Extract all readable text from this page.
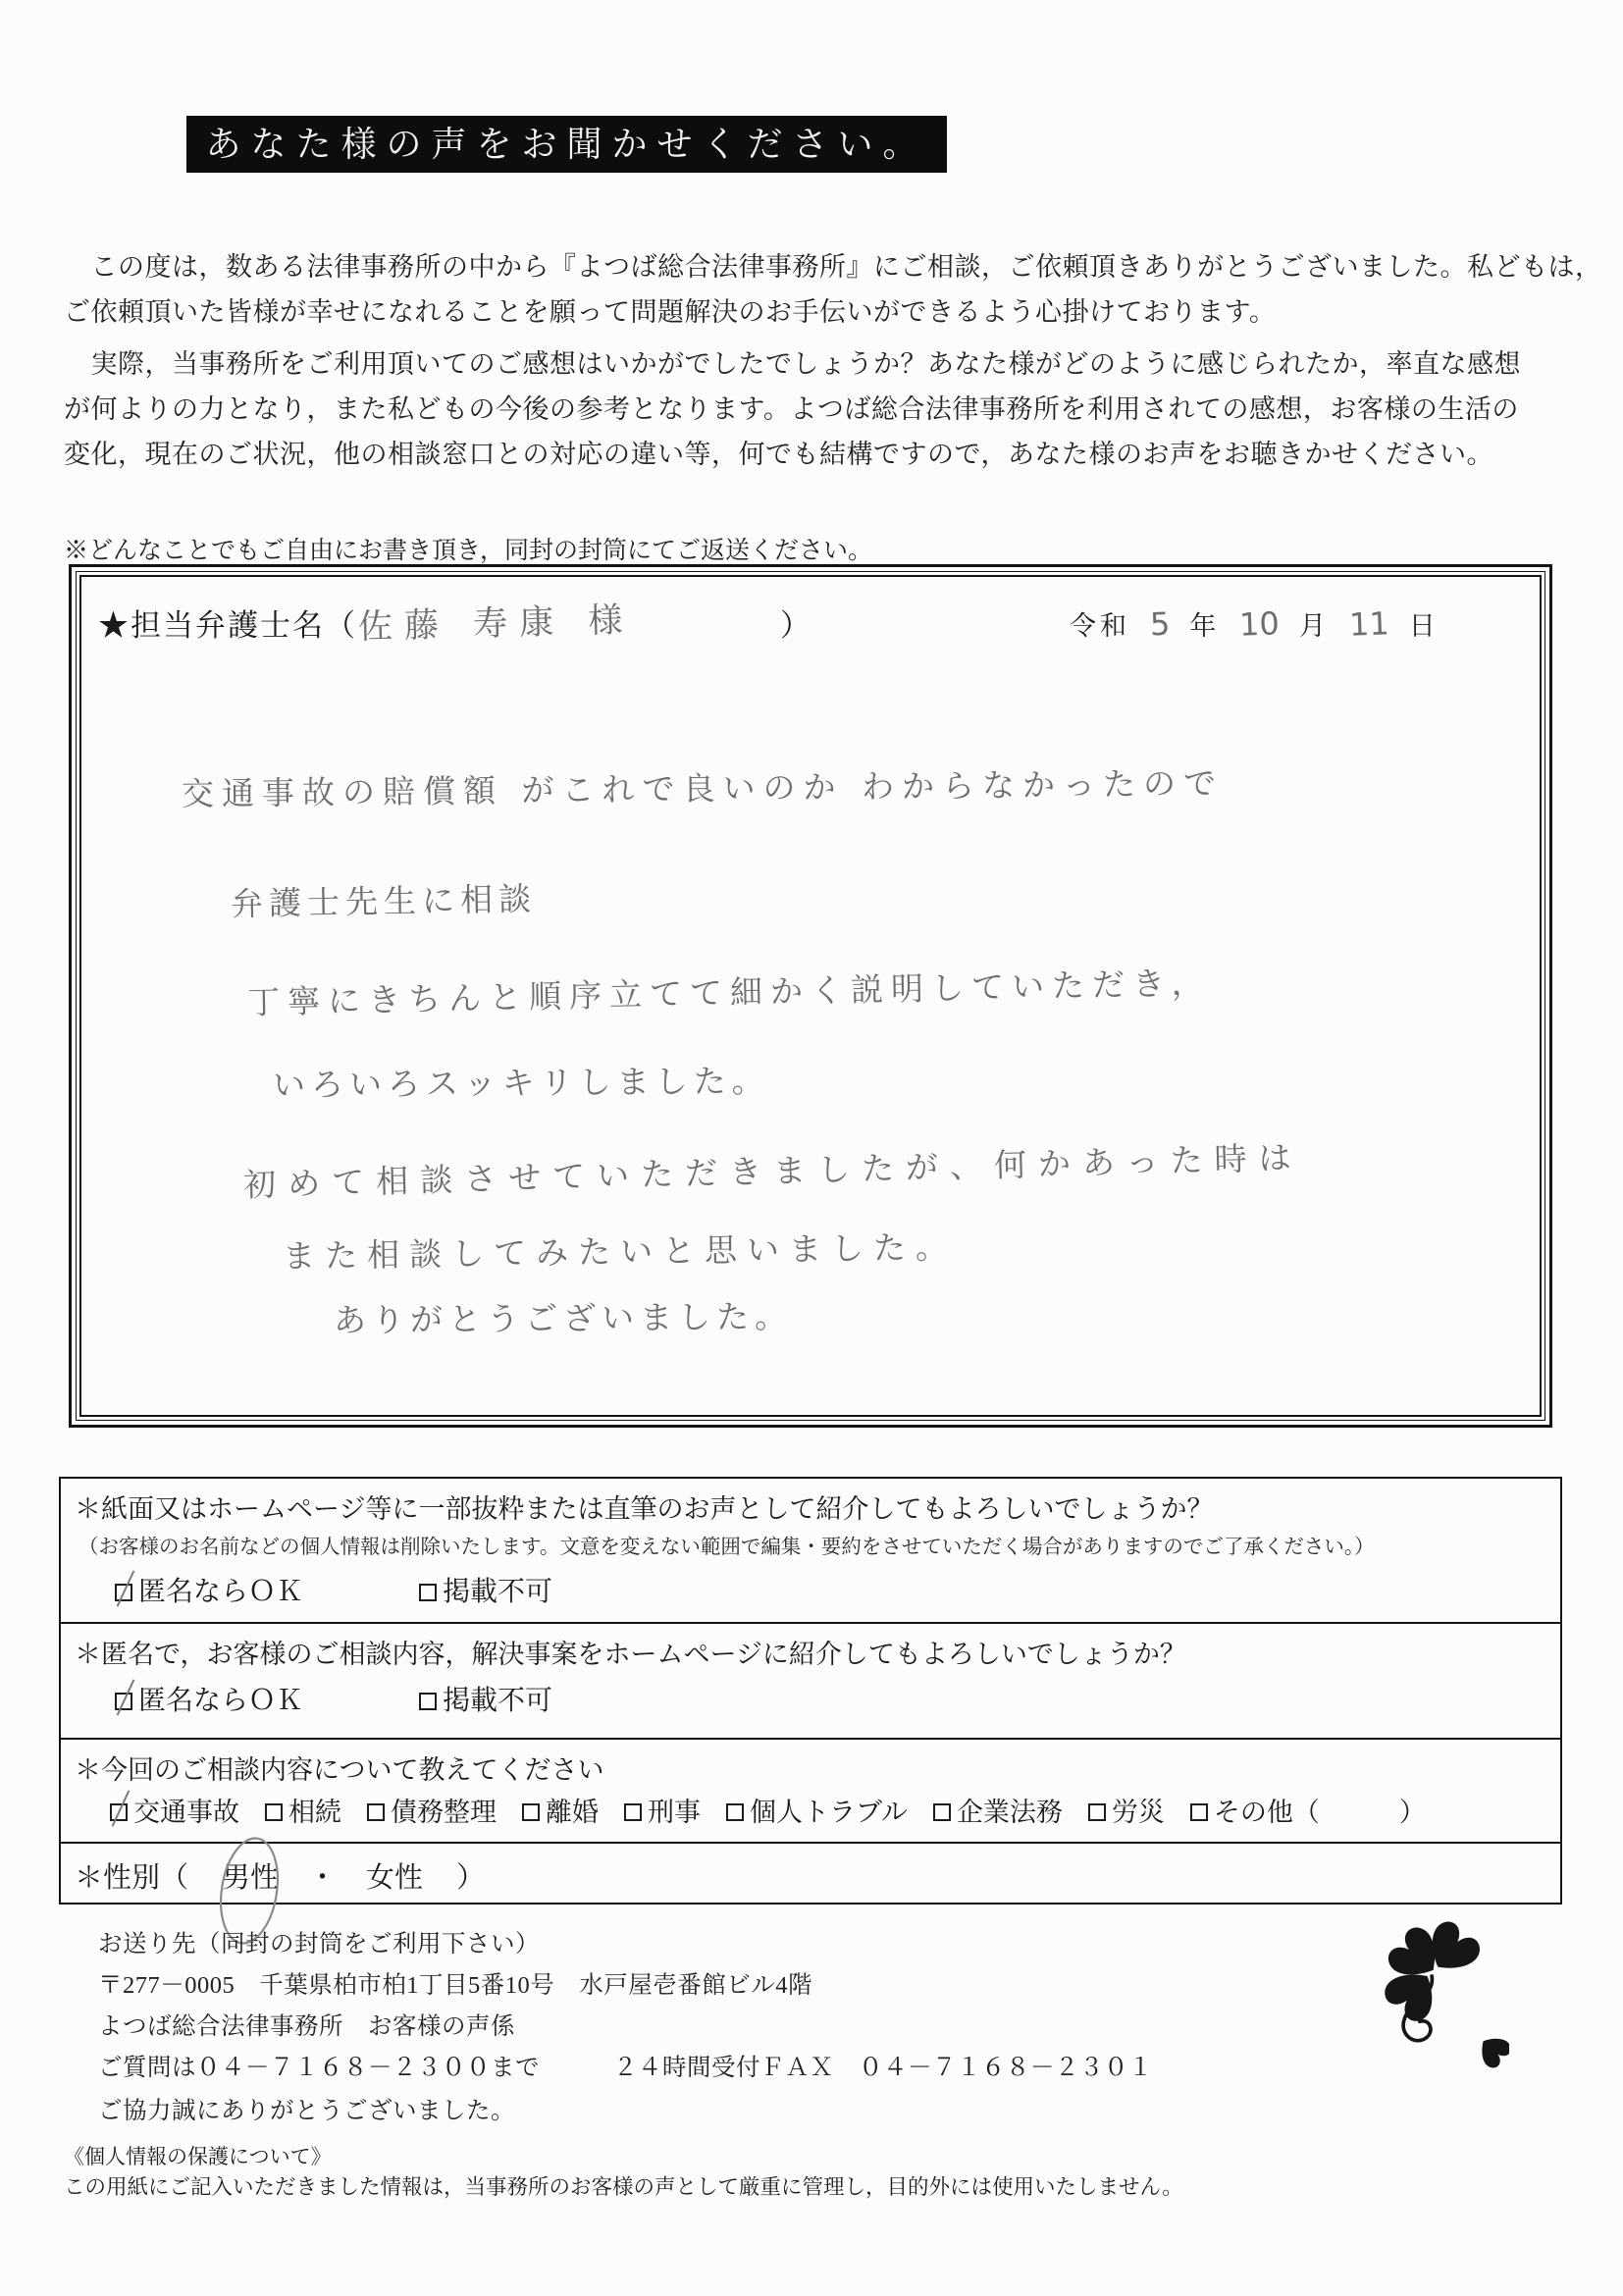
あなた様の声をお聞かせください。
　この度は，数ある法律事務所の中から『よつば総合法律事務所』にご相談，ご依頼頂きありがとうございました。私どもは，
ご依頼頂いた皆様が幸せになれることを願って問題解決のお手伝いができるよう心掛けております。
　実際，当事務所をご利用頂いてのご感想はいかがでしたでしょうか？あなた様がどのように感じられたか，率直な感想
が何よりの力となり，また私どもの今後の参考となります。よつば総合法律事務所を利用されての感想，お客様の生活の
変化，現在のご状況，他の相談窓口との対応の違い等，何でも結構ですので，あなた様のお声をお聴きかせください。
※どんなことでもご自由にお書き頂き，同封の封筒にてご返送ください。
★担当弁護士名（ 佐藤 寿康 様	）	令和 5 年 10 月 11 日
交通事故の賠償額 がこれで良いのか わからなかったので
弁護士先生に相談
丁寧にきちんと順序立てて細かく説明していただき，
いろいろスッキリしました。
初めて相談させていただきましたが、何かあった時は
また相談してみたいと思いました。
ありがとうございました。
＊紙面又はホームページ等に一部抜粋または直筆のお声として紹介してもよろしいでしょうか？
（お客様のお名前などの個人情報は削除いたします。文意を変えない範囲で編集・要約をさせていただく場合がありますのでご了承ください。）
匿名ならＯＫ	掲載不可
＊匿名で，お客様のご相談内容，解決事案をホームページに紹介してもよろしいでしょうか？
匿名ならＯＫ	掲載不可
＊今回のご相談内容について教えてください
交通事故 相続 債務整理 離婚 刑事 個人トラブル 企業法務 労災 その他（　　　）
＊性別（ 男性 ・ 女性 ）
お送り先（同封の封筒をご利用下さい）
〒277－0005　千葉県柏市柏1丁目5番10号　水戸屋壱番館ビル4階
よつば総合法律事務所　お客様の声係
ご質問は０４－７１６８－２３００まで　　　２４時間受付ＦＡＸ　０４－７１６８－２３０１
ご協力誠にありがとうございました。
《個人情報の保護について》
この用紙にご記入いただきました情報は，当事務所のお客様の声として厳重に管理し，目的外には使用いたしません。
